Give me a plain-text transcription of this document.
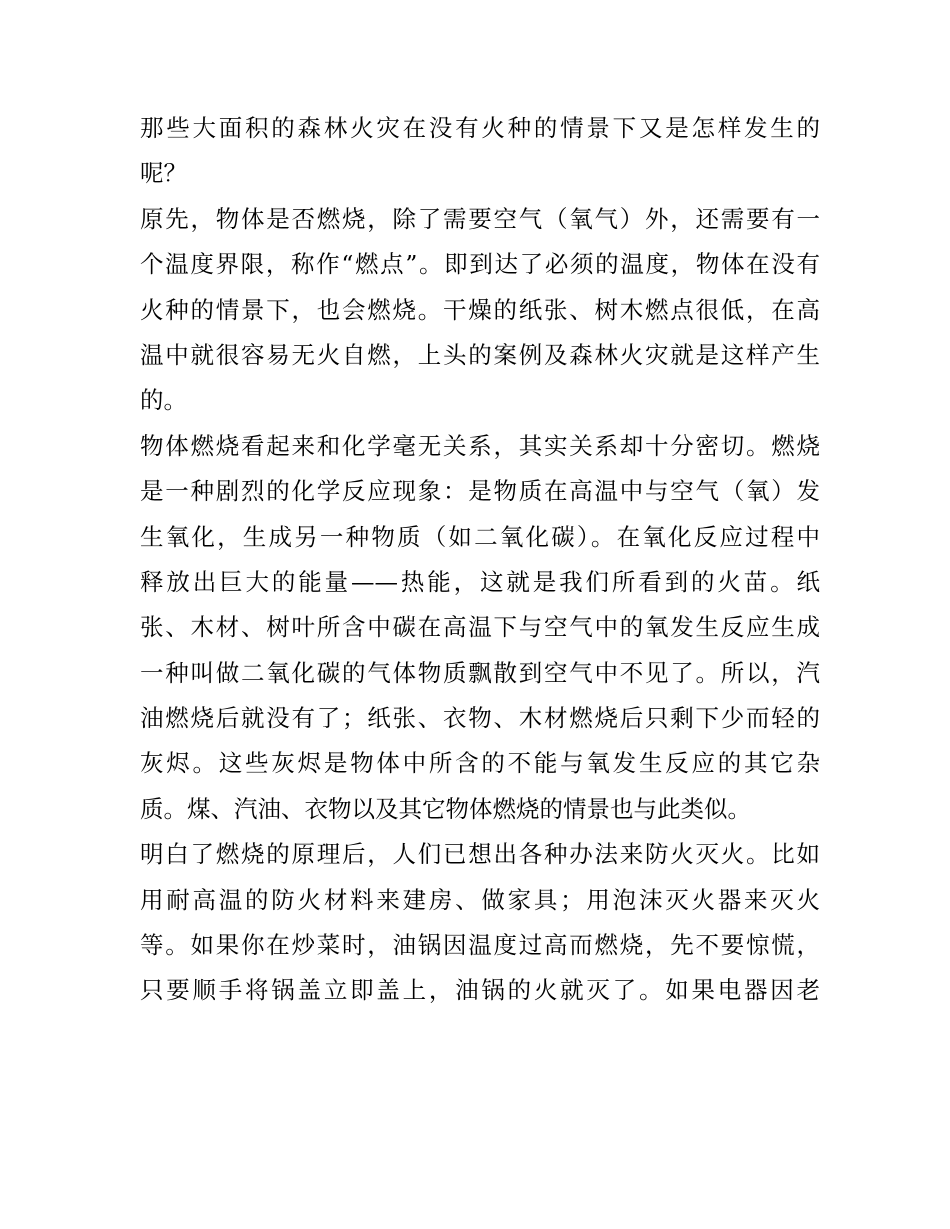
那些大面积的森林火灾在没有火种的情景下又是怎样发生的
呢？
原先，物体是否燃烧，除了需要空气（氧气）外，还需要有一
个温度界限，称作“燃点”。即到达了必须的温度，物体在没有
火种的情景下，也会燃烧。干燥的纸张、树木燃点很低，在高
温中就很容易无火自燃，上头的案例及森林火灾就是这样产生
的。
物体燃烧看起来和化学毫无关系，其实关系却十分密切。燃烧
是一种剧烈的化学反应现象：是物质在高温中与空气（氧）发
生氧化，生成另一种物质（如二氧化碳）。在氧化反应过程中
释放出巨大的能量——热能，这就是我们所看到的火苗。纸
张、木材、树叶所含中碳在高温下与空气中的氧发生反应生成
一种叫做二氧化碳的气体物质飘散到空气中不见了。所以，汽
油燃烧后就没有了；纸张、衣物、木材燃烧后只剩下少而轻的
灰烬。这些灰烬是物体中所含的不能与氧发生反应的其它杂
质。煤、汽油、衣物以及其它物体燃烧的情景也与此类似。
明白了燃烧的原理后，人们已想出各种办法来防火灭火。比如
用耐高温的防火材料来建房、做家具；用泡沫灭火器来灭火
等。如果你在炒菜时，油锅因温度过高而燃烧，先不要惊慌，
只要顺手将锅盖立即盖上，油锅的火就灭了。如果电器因老
